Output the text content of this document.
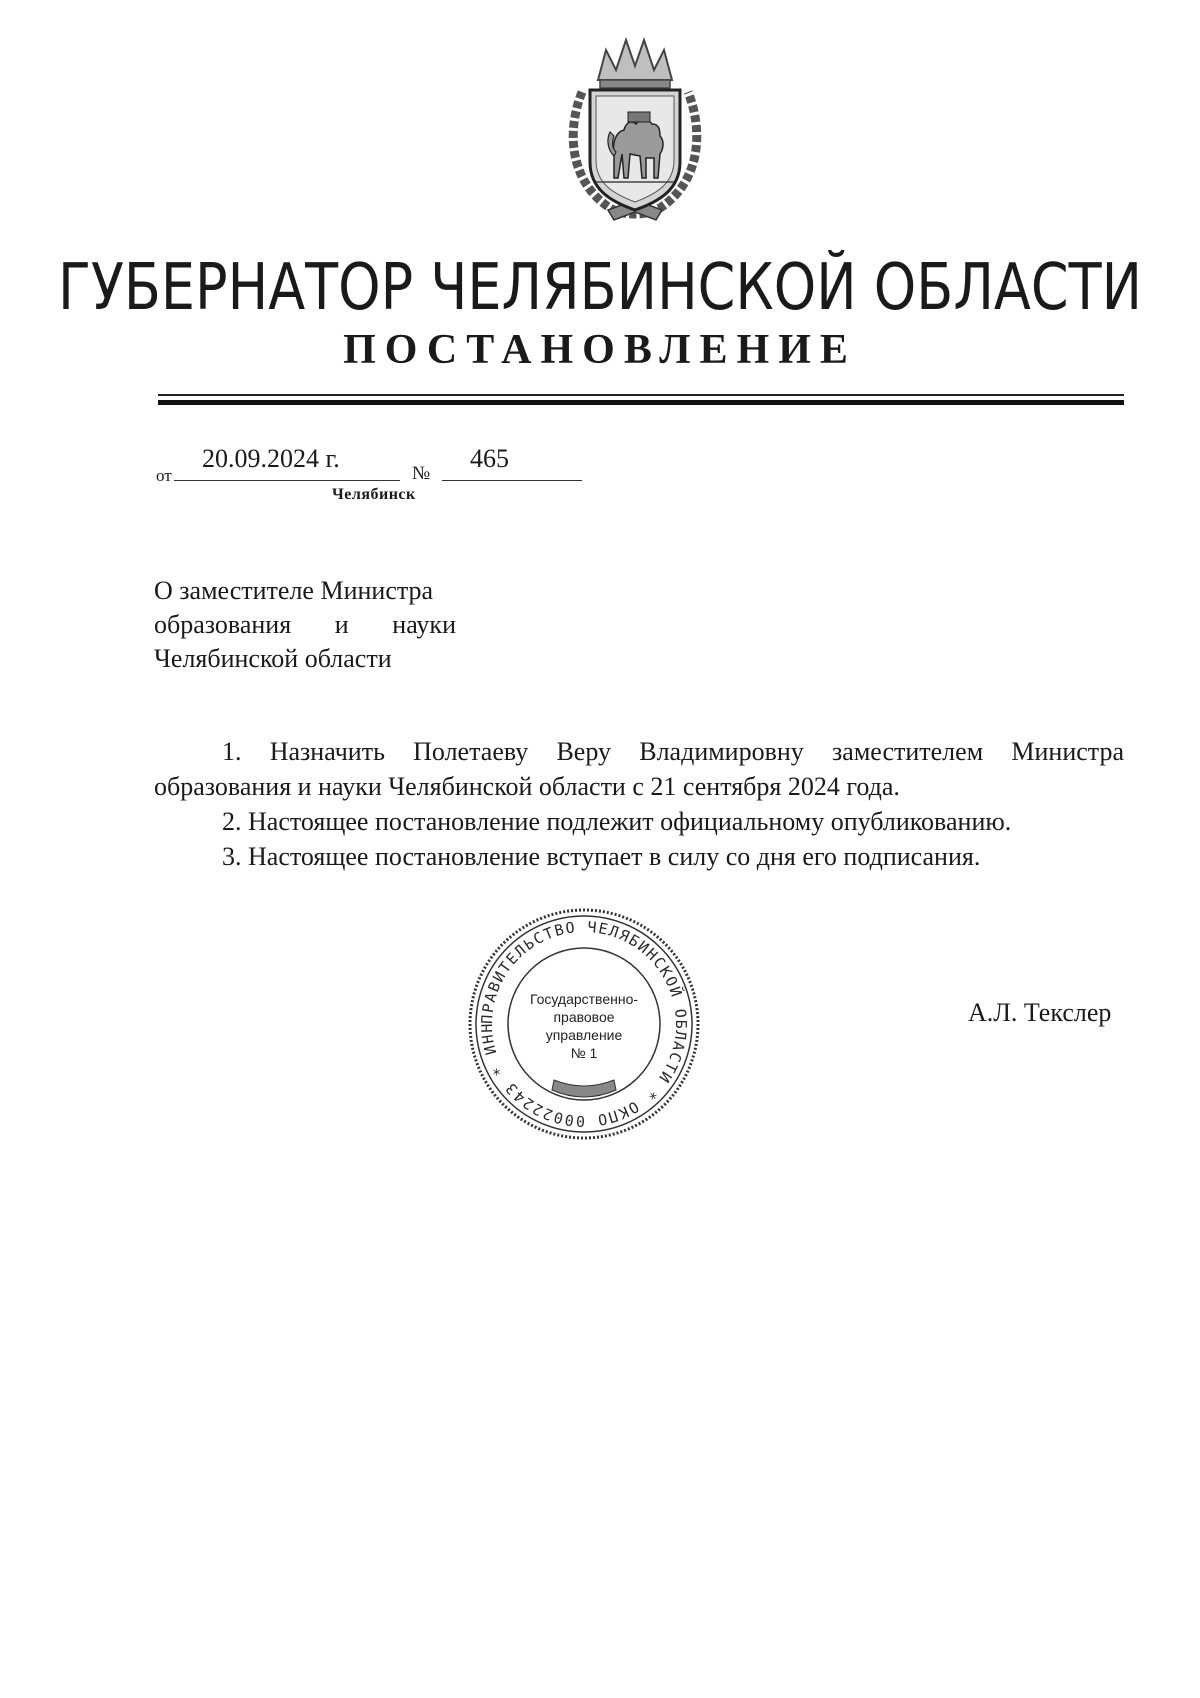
ГУБЕРНАТОР ЧЕЛЯБИНСКОЙ ОБЛАСТИ
ПОСТАНОВЛЕНИЕ
от
20.09.2024 г.
№
465
Челябинск
О заместителе Министра
образования и науки
Челябинской области

1. Назначить Полетаеву Веру Владимировну заместителем Министра образования и науки Челябинской области с 21 сентября 2024 года.

2. Настоящее постановление подлежит официальному опубликованию.

3. Настоящее постановление вступает в силу со дня его подписания.

ПРАВИТЕЛЬСТВО ЧЕЛЯБИНСКОЙ ОБЛАСТИ * ОКПО 00022243 * ИНН
Государственно-
правовое
управление
№ 1
А.Л. Текслер
